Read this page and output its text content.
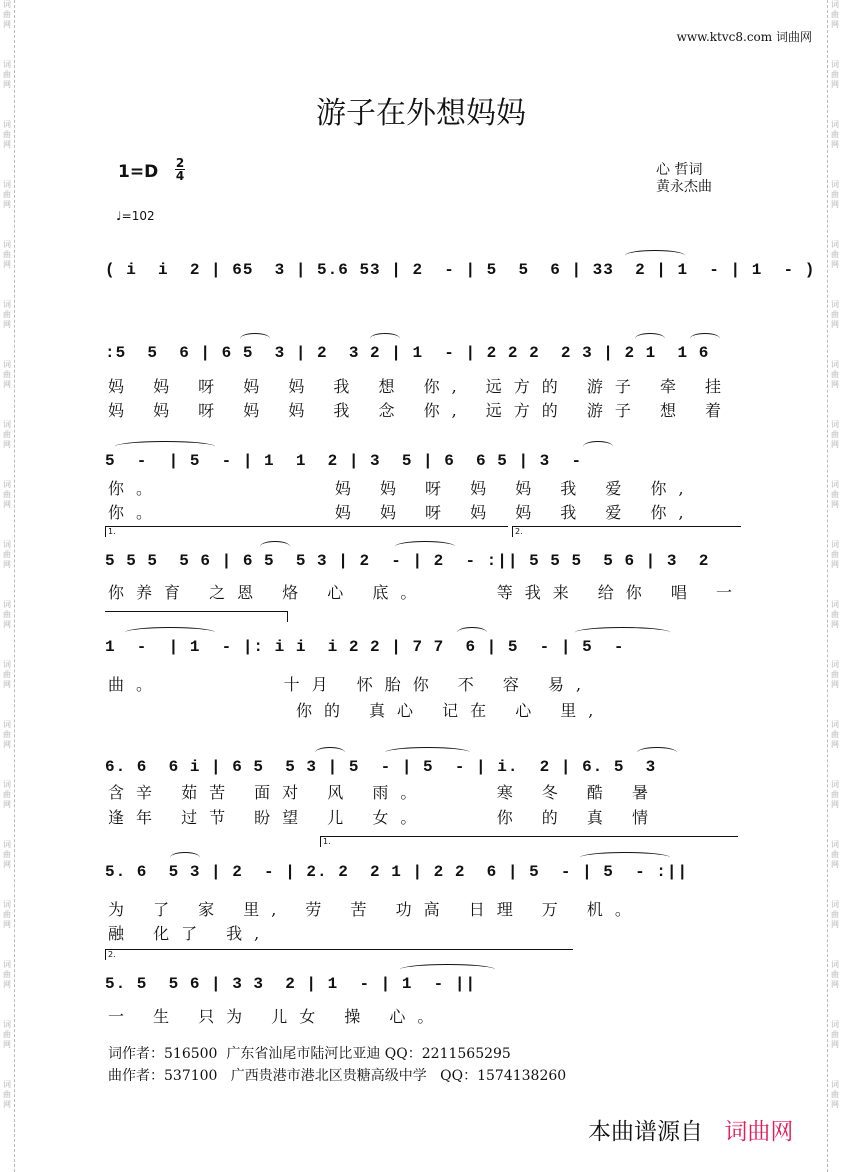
词曲网
词曲网
词曲网
词曲网
词曲网
词曲网
词曲网
词曲网
词曲网
词曲网
词曲网
词曲网
词曲网
词曲网
词曲网
词曲网
词曲网
词曲网
词曲网
词曲网
词曲网
词曲网
词曲网
词曲网
词曲网
词曲网
词曲网
词曲网
词曲网
词曲网
词曲网
词曲网
词曲网
词曲网
词曲网
词曲网
词曲网
词曲网
www.ktvc8.com 词曲网
游子在外想妈妈
1=D 2
4
♩=102
心 哲词
黄永杰曲
( i  i  2 | 65  3 | 5.6 53 | 2  - | 5  5  6 | 33  2 | 1  - | 1  - )
:5  5  6 | 6 5  3 | 2  3 2 | 1  - | 2 2 2  2 3 | 2 1  1 6
妈 妈 呀 妈 妈 我 想 你, 远方的 游子 牵 挂
妈 妈 呀 妈 妈 我 念 你, 远方的 游子 想 着
5  -  | 5  - | 1  1  2 | 3  5 | 6  6 5 | 3  -
你。          妈 妈 呀 妈 妈 我 爱 你,
你。          妈 妈 呀 妈 妈 我 爱 你,
1.	2.
5 5 5  5 6 | 6 5  5 3 | 2  - | 2  - :|| 5 5 5  5 6 | 3  2
你养育 之恩 烙 心 底。    等我来 给你 唱 一
1  -  | 1  - |: i i  i 2 2 | 7 7  6 | 5  - | 5  -
曲。       十月 怀胎你 不 容 易,
你的 真心 记在 心 里,
6. 6  6 i | 6 5  5 3 | 5  - | 5  - | i.  2 | 6. 5  3
含辛 茹苦 面对 风 雨。    寒 冬 酷 暑
逢年 过节 盼望 儿 女。    你 的 真 情
1.
5. 6  5 3 | 2  - | 2. 2  2 1 | 2 2  6 | 5  - | 5  - :||
为 了 家 里, 劳 苦 功高 日理 万 机。
融 化了 我,
2.
5. 5  5 6 | 3 3  2 | 1  - | 1  - ||
一 生 只为 儿女 操 心。
词作者：516500  广东省汕尾市陆河比亚迪 QQ：2211565295
曲作者：537100   广西贵港市港北区贵糖高级中学   QQ：1574138260
本曲谱源自 词曲网
